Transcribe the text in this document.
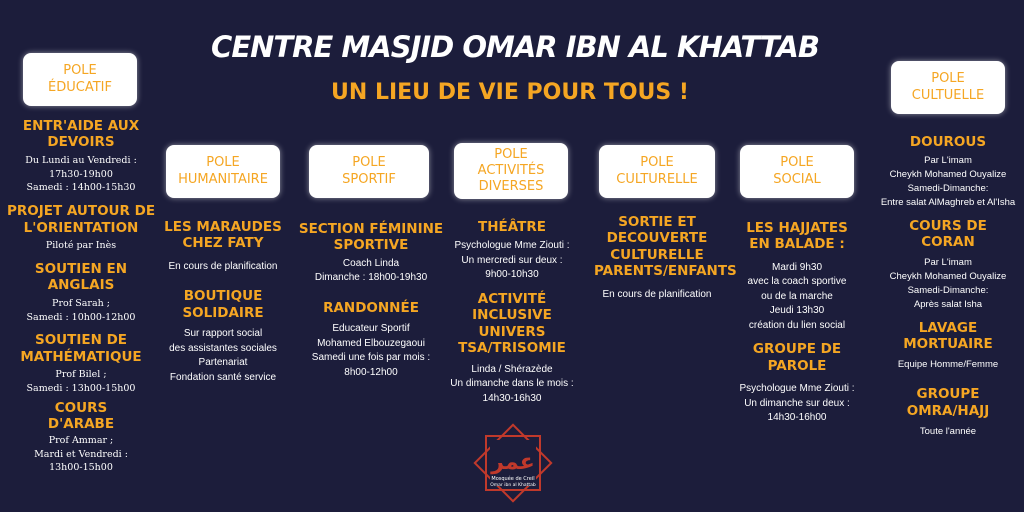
CENTRE MASJID OMAR IBN AL KHATTAB
UN LIEU DE VIE POUR TOUS !
POLE ÉDUCATIF
POLE HUMANITAIRE
POLE SPORTIF
POLE ACTIVITÉS DIVERSES
POLE CULTURELLE
POLE SOCIAL
POLE CULTUELLE
ENTR'AIDE AUX DEVOIRS
Du Lundi au Vendredi :
17h30-19h00
Samedi : 14h00-15h30
PROJET AUTOUR DE L'ORIENTATION
Piloté par Inès
SOUTIEN EN ANGLAIS
Prof Sarah ;
Samedi : 10h00-12h00
SOUTIEN DE MATHÉMATIQUE
Prof Bilel ;
Samedi : 13h00-15h00
COURS D'ARABE
Prof Ammar ;
Mardi et Vendredi :
13h00-15h00
LES MARAUDES CHEZ FATY
En cours de planification
BOUTIQUE SOLIDAIRE
Sur rapport social
des assistantes sociales
Partenariat
Fondation santé service
SECTION FÉMININE SPORTIVE
Coach Linda
Dimanche : 18h00-19h30
RANDONNÉE
Educateur Sportif
Mohamed Elbouzegaoui
Samedi une fois par mois :
8h00-12h00
THÉÂTRE
Psychologue Mme Ziouti :
Un mercredi sur deux :
9h00-10h30
ACTIVITÉ INCLUSIVE UNIVERS TSA/TRISOMIE
Linda / Shérazède
Un dimanche dans le mois :
14h30-16h30
SORTIE ET DECOUVERTE CULTURELLE PARENTS/ENFANTS
En cours de planification
LES HAJJATES EN BALADE :
Mardi 9h30
avec la coach sportive
ou de la marche
Jeudi 13h30
création du lien social
GROUPE DE PAROLE
Psychologue Mme Ziouti :
Un dimanche sur deux :
14h30-16h00
DOUROUS
Par L'imam
Cheykh Mohamed Ouyalize
Samedi-Dimanche:
Entre salat AlMaghreb et Al'Isha
COURS DE CORAN
Par L'imam
Cheykh Mohamed Ouyalize
Samedi-Dimanche:
Après salat Isha
LAVAGE MORTUAIRE
Equipe Homme/Femme
GROUPE OMRA/HAJJ
Toute l'année
عمر
Mosquée de Creil
Omar ibn al Khattab
